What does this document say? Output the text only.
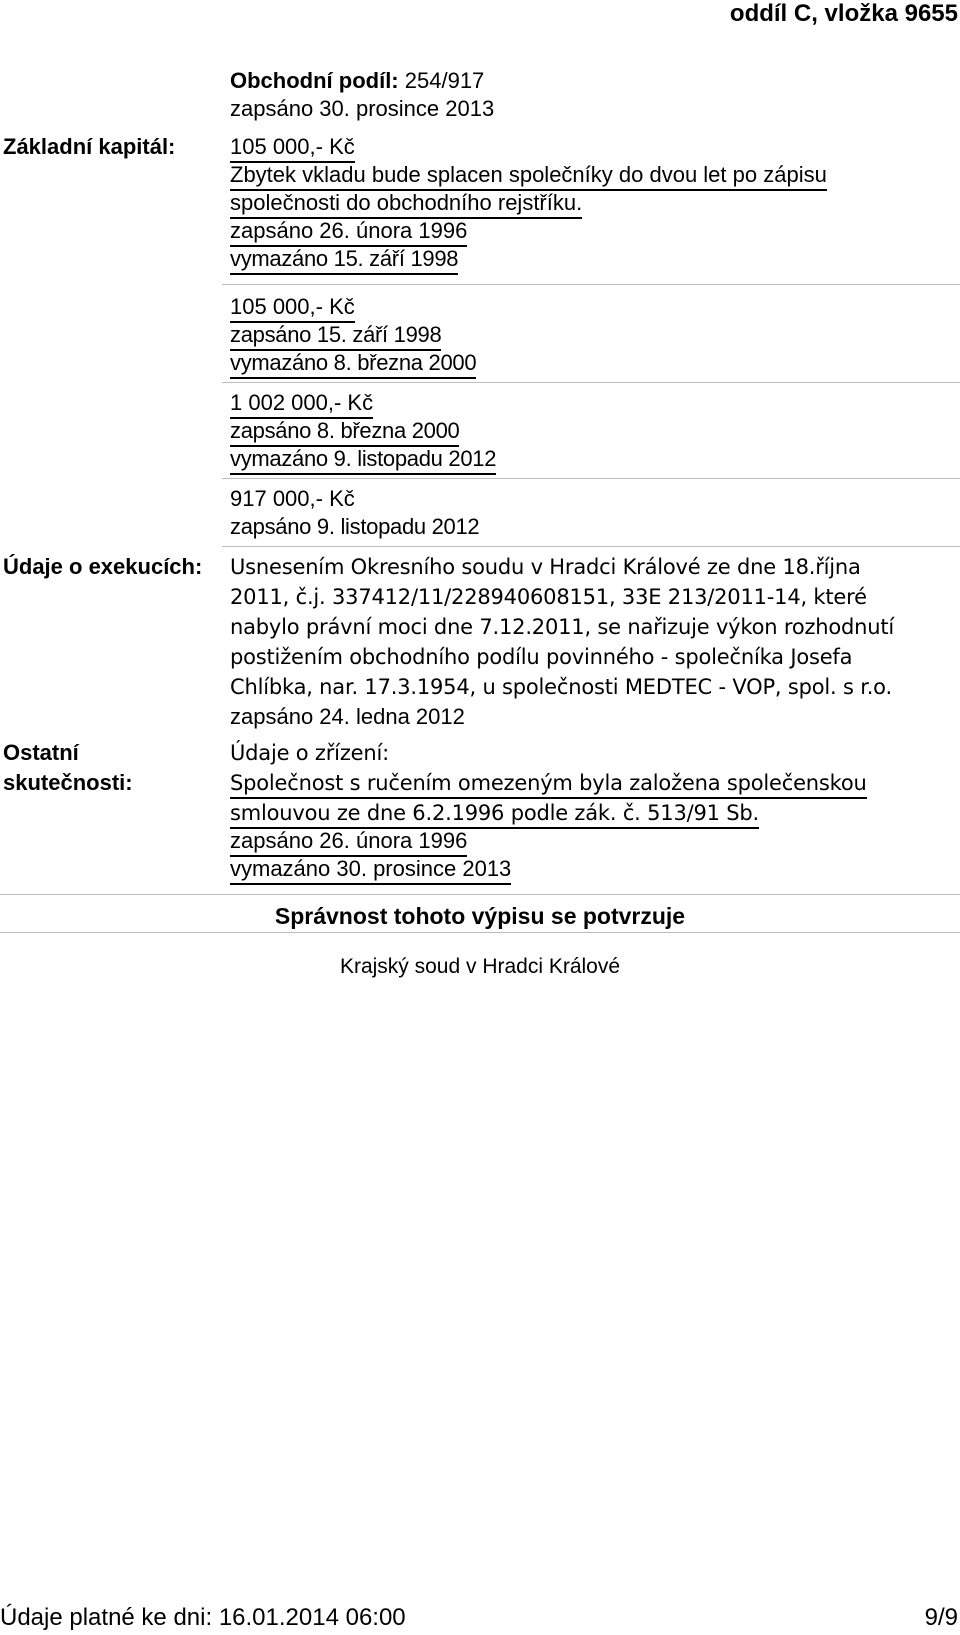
oddíl C, vložka 9655
Obchodní podíl: 254/917
zapsáno 30. prosince 2013
Základní kapitál:	105 000,- Kč
Zbytek vkladu bude splacen společníky do dvou let po zápisu
společnosti do obchodního rejstříku.
zapsáno 26. února 1996
vymazáno 15. září 1998
105 000,- Kč
zapsáno 15. září 1998
vymazáno 8. března 2000
1 002 000,- Kč
zapsáno 8. března 2000
vymazáno 9. listopadu 2012
917 000,- Kč
zapsáno 9. listopadu 2012
Údaje o exekucích:	Usnesením Okresního soudu v Hradci Králové ze dne 18.října
2011, č.j. 337412/11/228940608151, 33E 213/2011-14, které
nabylo právní moci dne 7.12.2011, se nařizuje výkon rozhodnutí
postižením obchodního podílu povinného - společníka Josefa
Chlíbka, nar. 17.3.1954, u společnosti MEDTEC - VOP, spol. s r.o.
zapsáno 24. ledna 2012
Ostatní skutečnosti:
Údaje o zřízení:
Společnost s ručením omezeným byla založena společenskou
smlouvou ze dne 6.2.1996 podle zák. č. 513/91 Sb.
zapsáno 26. února 1996
vymazáno 30. prosince 2013
Správnost tohoto výpisu se potvrzuje
Krajský soud v Hradci Králové
Údaje platné ke dni: 16.01.2014 06:00	9/9
